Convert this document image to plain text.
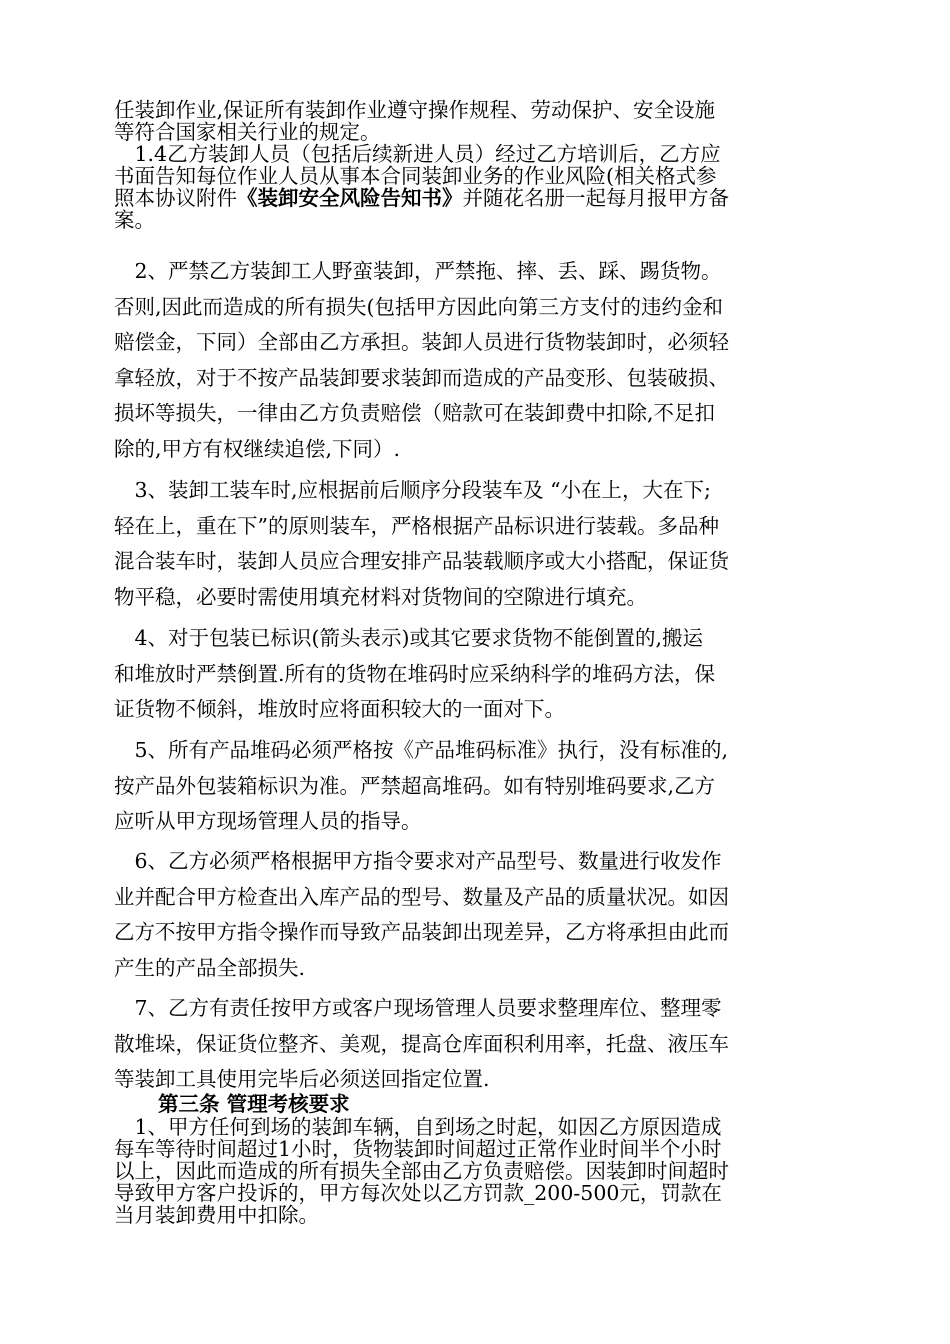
任装卸作业,保证所有装卸作业遵守操作规程、劳动保护、安全设施
等符合国家相关行业的规定。

　1.4乙方装卸人员（包括后续新进人员）经过乙方培训后，乙方应
书面告知每位作业人员从事本合同装卸业务的作业风险(相关格式参
照本协议附件《装卸安全风险告知书》并随花名册一起每月报甲方备
案。

　2、严禁乙方装卸工人野蛮装卸，严禁拖、摔、丢、踩、踢货物。
否则,因此而造成的所有损失(包括甲方因此向第三方支付的违约金和
赔偿金，下同）全部由乙方承担。装卸人员进行货物装卸时，必须轻
拿轻放，对于不按产品装卸要求装卸而造成的产品变形、包装破损、
损坏等损失，一律由乙方负责赔偿（赔款可在装卸费中扣除,不足扣
除的,甲方有权继续追偿,下同）.

　3、装卸工装车时,应根据前后顺序分段装车及 “小在上，大在下;
轻在上，重在下”的原则装车，严格根据产品标识进行装载。多品种
混合装车时，装卸人员应合理安排产品装载顺序或大小搭配，保证货
物平稳，必要时需使用填充材料对货物间的空隙进行填充。

　4、对于包装已标识(箭头表示)或其它要求货物不能倒置的,搬运
和堆放时严禁倒置.所有的货物在堆码时应采纳科学的堆码方法，保
证货物不倾斜，堆放时应将面积较大的一面对下。

　5、所有产品堆码必须严格按《产品堆码标准》执行，没有标准的,
按产品外包装箱标识为准。严禁超高堆码。如有特别堆码要求,乙方
应听从甲方现场管理人员的指导。

　6、乙方必须严格根据甲方指令要求对产品型号、数量进行收发作
业并配合甲方检查出入库产品的型号、数量及产品的质量状况。如因
乙方不按甲方指令操作而导致产品装卸出现差异，乙方将承担由此而
产生的产品全部损失.

　7、乙方有责任按甲方或客户现场管理人员要求整理库位、整理零
散堆垛，保证货位整齐、美观，提高仓库面积利用率，托盘、液压车
等装卸工具使用完毕后必须送回指定位置.

第三条 管理考核要求

　1、甲方任何到场的装卸车辆，自到场之时起，如因乙方原因造成
每车等待时间超过1小时，货物装卸时间超过正常作业时间半个小时
以上，因此而造成的所有损失全部由乙方负责赔偿。因装卸时间超时
导致甲方客户投诉的，甲方每次处以乙方罚款_200-500元，罚款在
当月装卸费用中扣除。
